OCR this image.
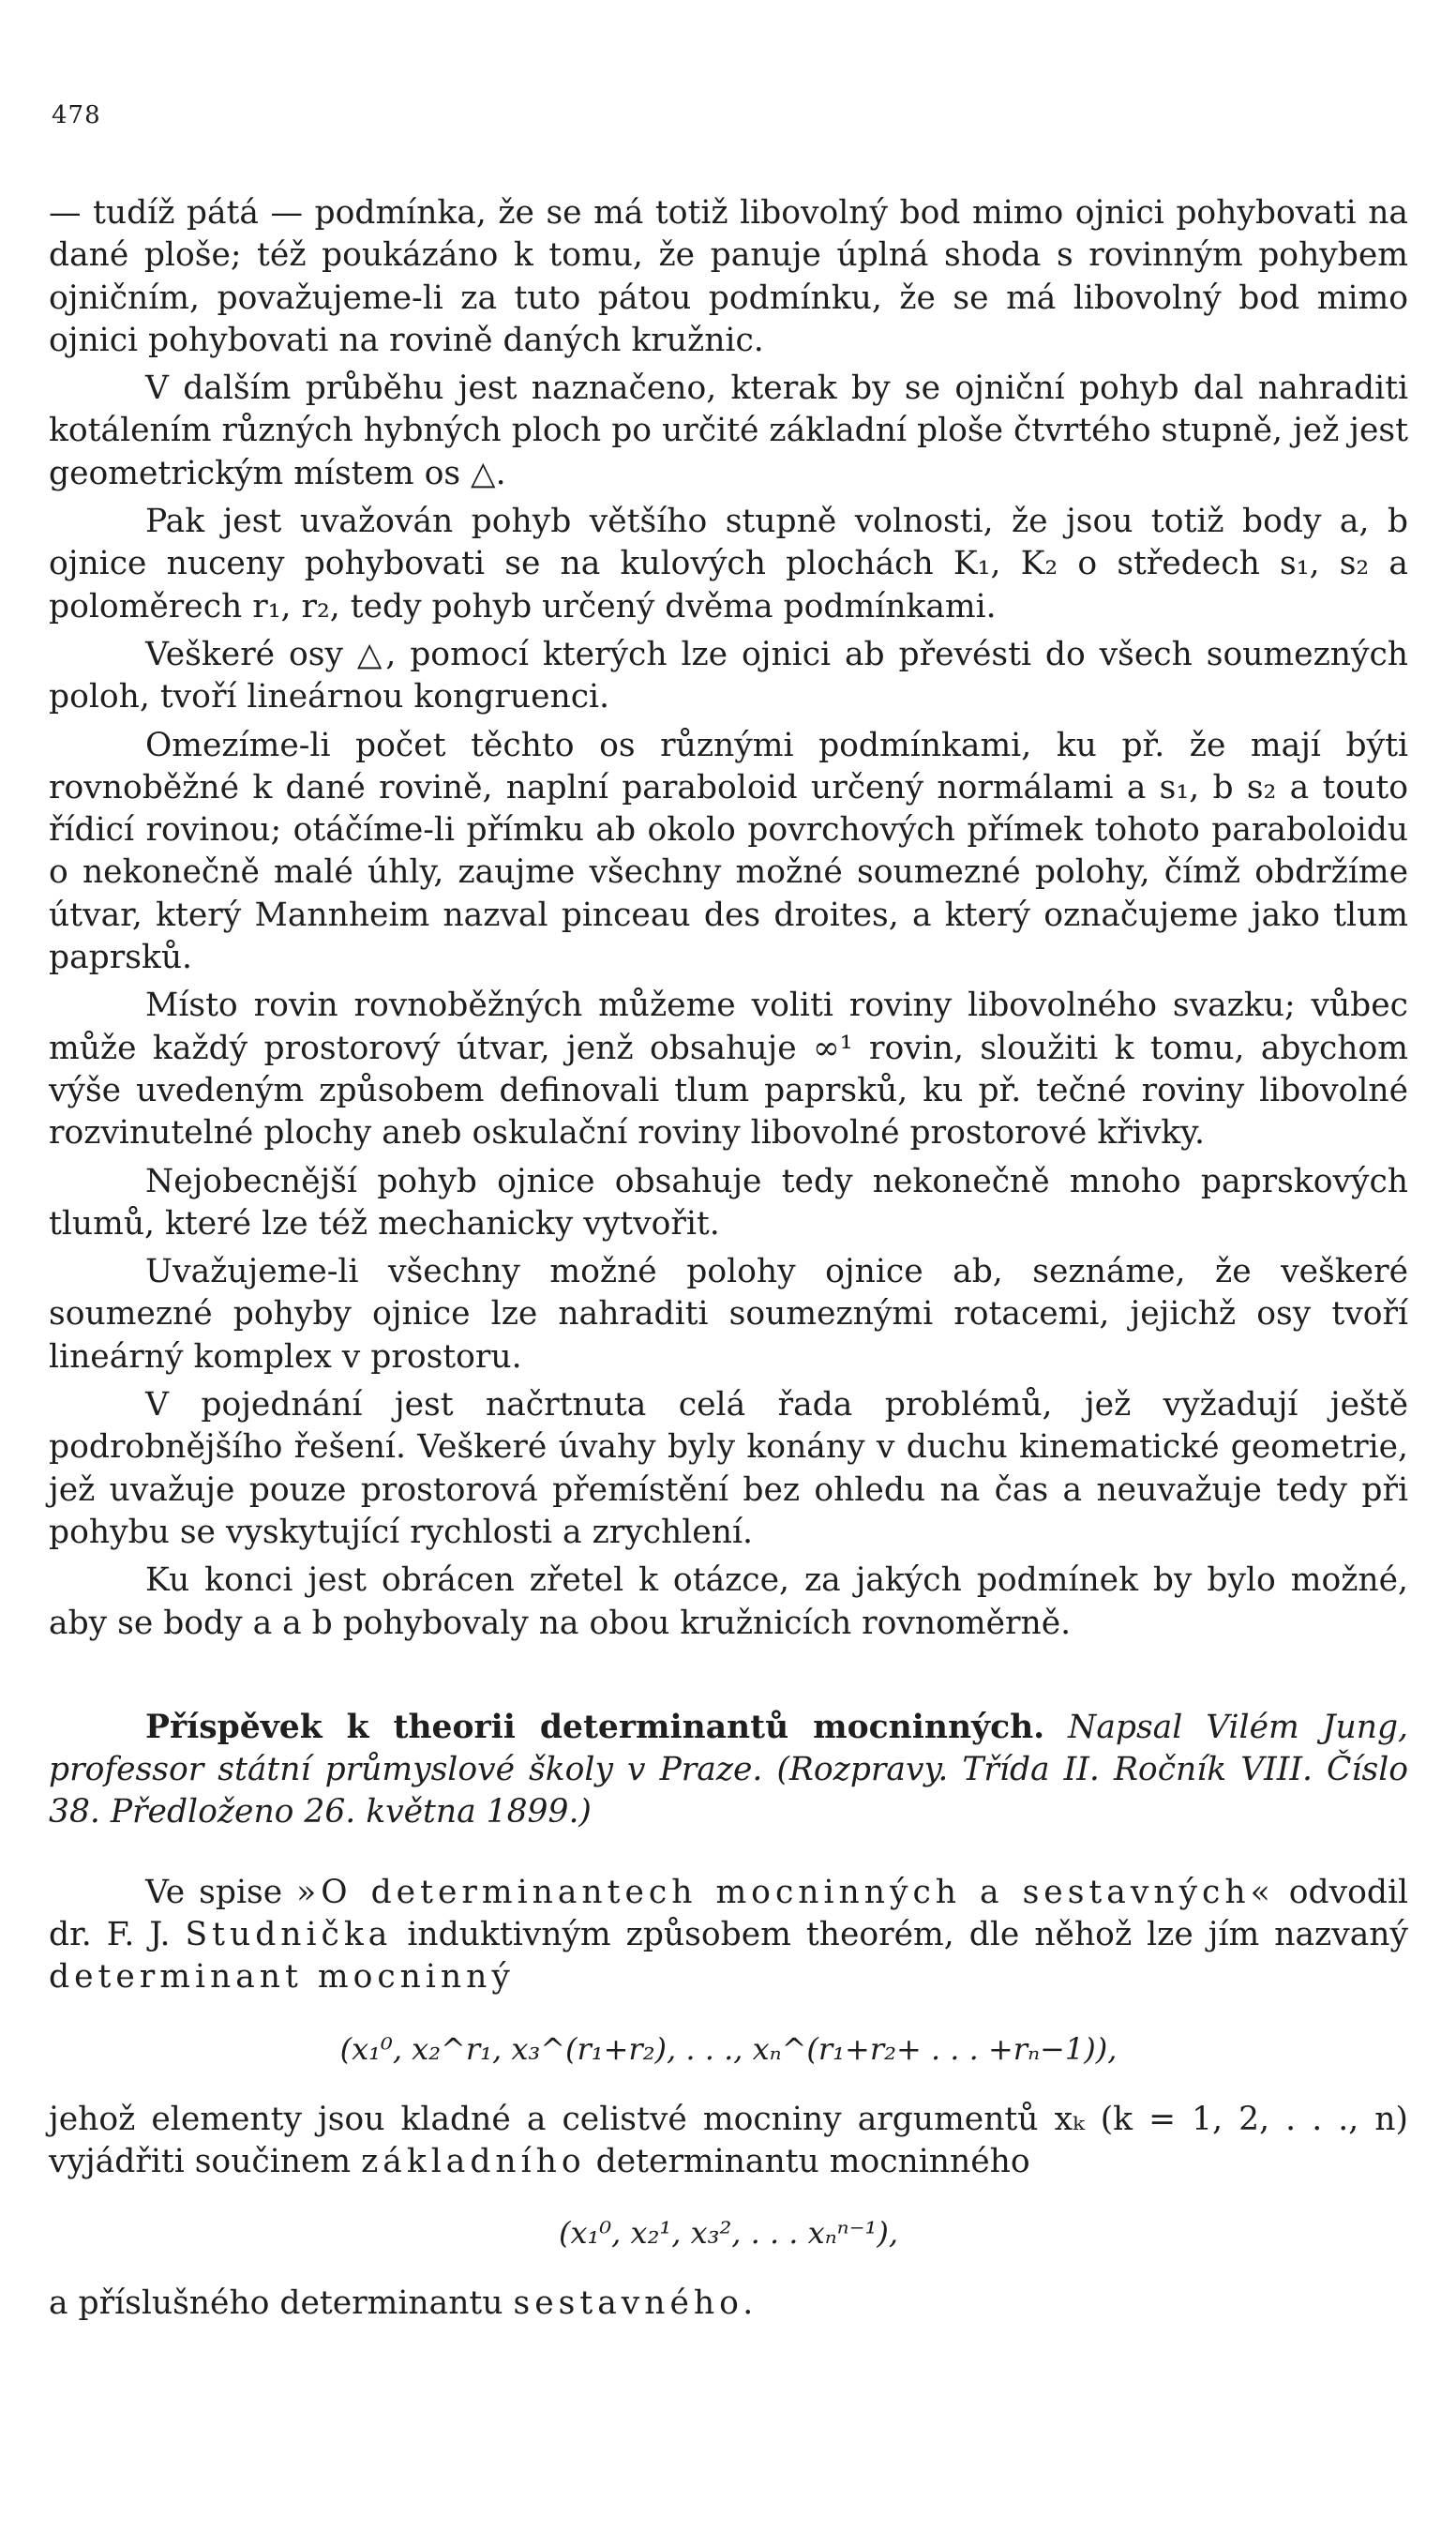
478

— tudíž pátá — podmínka, že se má totiž libovolný bod mimo ojnici pohybovati na dané ploše; též poukázáno k tomu, že panuje úplná shoda s rovinným pohybem ojničním, považujeme-li za tuto pátou podmínku, že se má libovolný bod mimo ojnici pohybovati na rovině daných kružnic.

V dalším průběhu jest naznačeno, kterak by se ojniční pohyb dal nahraditi kotálením různých hybných ploch po určité základní ploše čtvrtého stupně, jež jest geometrickým místem os △.

Pak jest uvažován pohyb většího stupně volnosti, že jsou totiž body a, b ojnice nuceny pohybovati se na kulových plochách K₁, K₂ o středech s₁, s₂ a poloměrech r₁, r₂, tedy pohyb určený dvěma podmínkami.

Veškeré osy △, pomocí kterých lze ojnici ab převésti do všech soumezných poloh, tvoří lineárnou kongruenci.

Omezíme-li počet těchto os různými podmínkami, ku př. že mají býti rovnoběžné k dané rovině, naplní paraboloid určený normálami a s₁, b s₂ a touto řídicí rovinou; otáčíme-li přímku ab okolo povrchových přímek tohoto paraboloidu o nekonečně malé úhly, zaujme všechny možné soumezné polohy, čímž obdržíme útvar, který Mannheim nazval pinceau des droites, a který označujeme jako tlum paprsků.

Místo rovin rovnoběžných můžeme voliti roviny libovolného svazku; vůbec může každý prostorový útvar, jenž obsahuje ∞¹ rovin, sloužiti k tomu, abychom výše uvedeným způsobem definovali tlum paprsků, ku př. tečné roviny libovolné rozvinutelné plochy aneb oskulační roviny libovolné prostorové křivky.

Nejobecnější pohyb ojnice obsahuje tedy nekonečně mnoho paprskových tlumů, které lze též mechanicky vytvořit.

Uvažujeme-li všechny možné polohy ojnice ab, seznáme, že veškeré soumezné pohyby ojnice lze nahraditi soumeznými rotacemi, jejichž osy tvoří lineárný komplex v prostoru.

V pojednání jest načrtnuta celá řada problémů, jež vyžadují ještě podrobnějšího řešení. Veškeré úvahy byly konány v duchu kinematické geometrie, jež uvažuje pouze prostorová přemístění bez ohledu na čas a neuvažuje tedy při pohybu se vyskytující rychlosti a zrychlení.

Ku konci jest obrácen zřetel k otázce, za jakých podmínek by bylo možné, aby se body a a b pohybovaly na obou kružnicích rovnoměrně.

Příspěvek k theorii determinantů mocninných. Napsal Vilém Jung, professor státní průmyslové školy v Praze. (Rozpravy. Třída II. Ročník VIII. Číslo 38. Předloženo 26. května 1899.)

Ve spise »O determinantech mocninných a sestavných« odvodil dr. F. J. Studnička induktivným způsobem theorém, dle něhož lze jím nazvaný determinant mocninný

(x₁⁰, x₂^r₁, x₃^(r₁+r₂), . . ., xₙ^(r₁+r₂+ . . . +rₙ−1)),

jehož elementy jsou kladné a celistvé mocniny argumentů xₖ (k = 1, 2, . . ., n) vyjádřiti součinem základního determinantu mocninného

(x₁⁰, x₂¹, x₃², . . . xₙⁿ⁻¹),

a příslušného determinantu sestavného.
